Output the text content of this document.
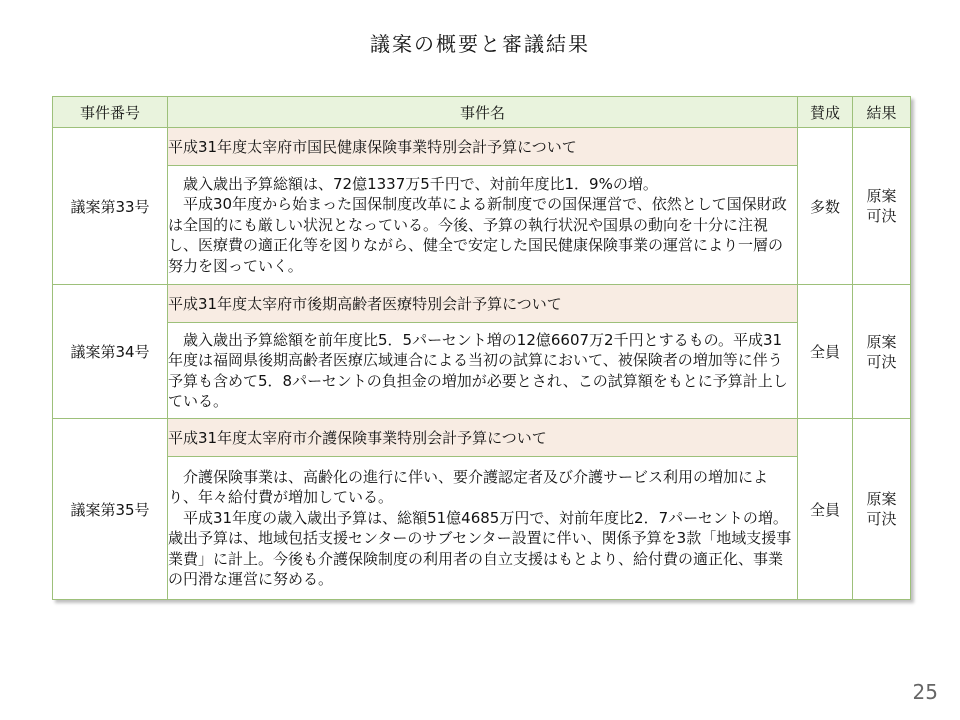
議案の概要と審議結果
事件番号	事件名	賛成	結果
議案第33号	平成31年度太宰府市国民健康保険事業特別会計予算について	多数	原案
可決

	　歳入歳出予算総額は、72億1337万5千円で、対前年度比1．9%の増。
　平成30年度から始まった国保制度改革による新制度での国保運営で、依然として国保財政は全国的にも厳しい状況となっている。今後、予算の執行状況や国県の動向を十分に注視し、医療費の適正化等を図りながら、健全で安定した国民健康保険事業の運営により一層の努力を図っていく。		

議案第34号	平成31年度太宰府市後期高齢者医療特別会計予算について	全員	原案
可決

	　歳入歳出予算総額を前年度比5．5パーセント増の12億6607万2千円とするもの。平成31年度は福岡県後期高齢者医療広域連合による当初の試算において、被保険者の増加等に伴う予算も含めて5．8パーセントの負担金の増加が必要とされ、この試算額をもとに予算計上している。		

議案第35号	平成31年度太宰府市介護保険事業特別会計予算について	全員	原案
可決

	　介護保険事業は、高齢化の進行に伴い、要介護認定者及び介護サービス利用の増加により、年々給付費が増加している。
　平成31年度の歳入歳出予算は、総額51億4685万円で、対前年度比2．7パーセントの増。歳出予算は、地域包括支援センターのサブセンター設置に伴い、関係予算を3款「地域支援事業費」に計上。今後も介護保険制度の利用者の自立支援はもとより、給付費の適正化、事業の円滑な運営に努める。		
25
